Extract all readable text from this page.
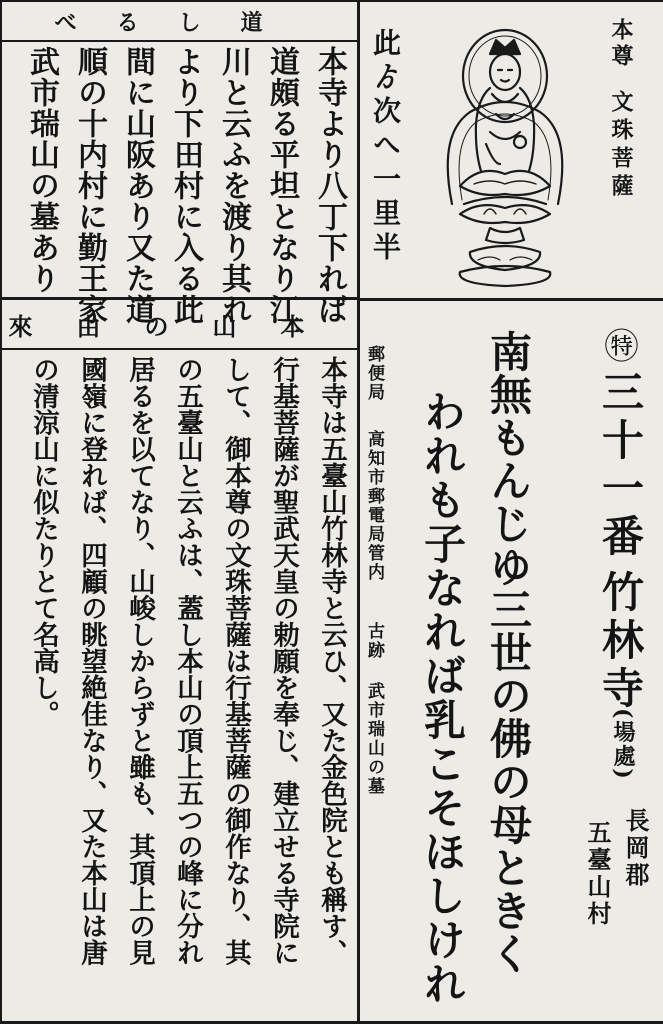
道しるべ
本寺より八丁下れば
道頗る平坦となり江
川と云ふを渡り其れ
より下田村に入る此
間に山阪あり又た道
順の十内村に勤王家
武市瑞山の墓あり	此ゟ次へ一里半	本尊
文珠菩薩
本山の由來
本寺は五臺山竹林寺と云ひ、又た金色院とも稱す、
行基菩薩が聖武天皇の勅願を奉じ、建立せる寺院に
して、御本尊の文珠菩薩は行基菩薩の御作なり、其
の五臺山と云ふは、蓋し本山の頂上五つの峰に分れ
居るを以てなり、山峻しからずと雖も、其頂上の見
國嶺に登れば、四顧の眺望絶佳なり、又た本山は唐
の清涼山に似たりとて名高し。	郵便局
高知市郵電局管内
古跡
武市瑞山の墓 南無もんじゆ三世の佛の母ときく
われも子なれば乳こそほしけれ
㊕
三十一番
竹林寺
(場處)
長岡郡
五臺山村
